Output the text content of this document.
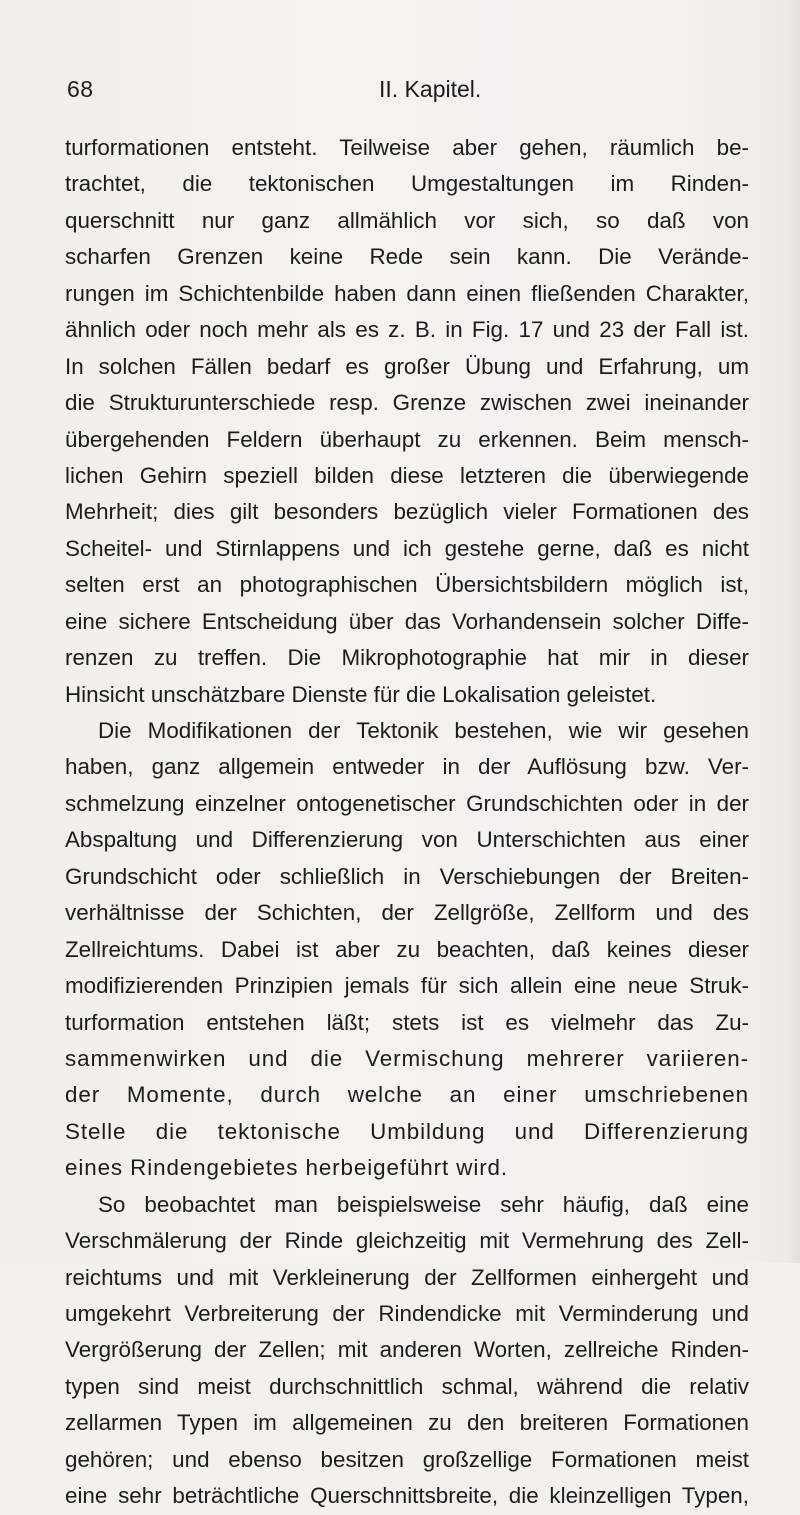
68	II. Kapitel.
turformationen entsteht. Teilweise aber gehen, räumlich be-
trachtet, die tektonischen Umgestaltungen im Rinden-
querschnitt nur ganz allmählich vor sich, so daß von
scharfen Grenzen keine Rede sein kann. Die Verände-
rungen im Schichtenbilde haben dann einen fließenden Charakter,
ähnlich oder noch mehr als es z. B. in Fig. 17 und 23 der Fall ist.
In solchen Fällen bedarf es großer Übung und Erfahrung, um
die Strukturunterschiede resp. Grenze zwischen zwei ineinander
übergehenden Feldern überhaupt zu erkennen. Beim mensch-
lichen Gehirn speziell bilden diese letzteren die überwiegende
Mehrheit; dies gilt besonders bezüglich vieler Formationen des
Scheitel- und Stirnlappens und ich gestehe gerne, daß es nicht
selten erst an photographischen Übersichtsbildern möglich ist,
eine sichere Entscheidung über das Vorhandensein solcher Diffe-
renzen zu treffen. Die Mikrophotographie hat mir in dieser
Hinsicht unschätzbare Dienste für die Lokalisation geleistet.
Die Modifikationen der Tektonik bestehen, wie wir gesehen
haben, ganz allgemein entweder in der Auflösung bzw. Ver-
schmelzung einzelner ontogenetischer Grundschichten oder in der
Abspaltung und Differenzierung von Unterschichten aus einer
Grundschicht oder schließlich in Verschiebungen der Breiten-
verhältnisse der Schichten, der Zellgröße, Zellform und des
Zellreichtums. Dabei ist aber zu beachten, daß keines dieser
modifizierenden Prinzipien jemals für sich allein eine neue Struk-
turformation entstehen läßt; stets ist es vielmehr das Zu-
sammenwirken und die Vermischung mehrerer variieren-
der Momente, durch welche an einer umschriebenen
Stelle die tektonische Umbildung und Differenzierung
eines Rindengebietes herbeigeführt wird.
So beobachtet man beispielsweise sehr häufig, daß eine
Verschmälerung der Rinde gleichzeitig mit Vermehrung des Zell-
reichtums und mit Verkleinerung der Zellformen einhergeht und
umgekehrt Verbreiterung der Rindendicke mit Verminderung und
Vergrößerung der Zellen; mit anderen Worten, zellreiche Rinden-
typen sind meist durchschnittlich schmal, während die relativ
zellarmen Typen im allgemeinen zu den breiteren Formationen
gehören; und ebenso besitzen großzellige Formationen meist
eine sehr beträchtliche Querschnittsbreite, die kleinzelligen Typen,
